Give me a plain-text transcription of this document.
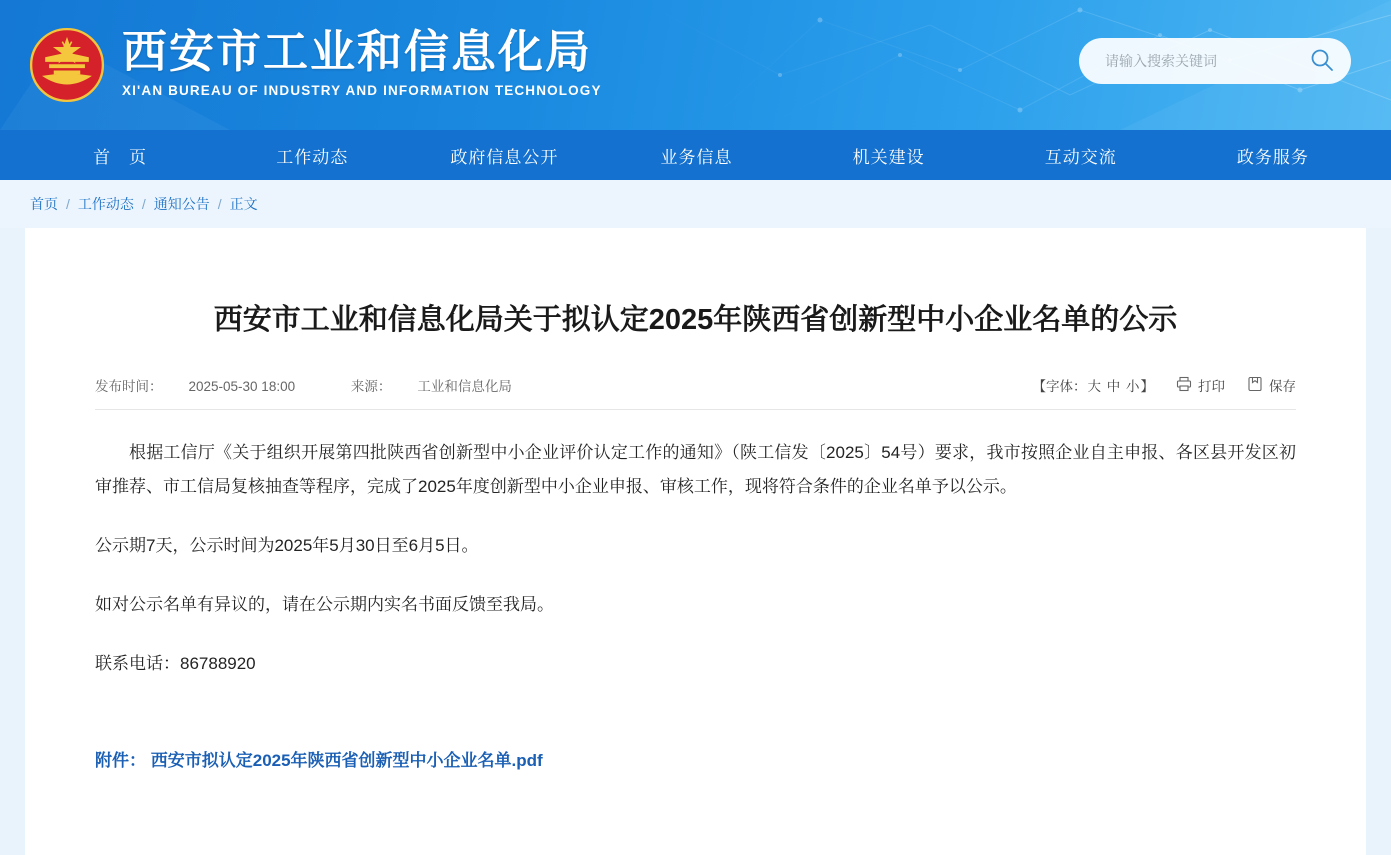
西安市工业和信息化局
XI'AN BUREAU OF INDUSTRY AND INFORMATION TECHNOLOGY
请输入搜索关键词
首　页	工作动态	政府信息公开	业务信息	机关建设	互动交流	政务服务
首页 / 工作动态 / 通知公告 / 正文
西安市工业和信息化局关于拟认定2025年陕西省创新型中小企业名单的公示
发布时间： 2025-05-30 18:00	来源： 工业和信息化局	【字体：大 中 小】	打印	保存

根据工信厅《关于组织开展第四批陕西省创新型中小企业评价认定工作的通知》（陕工信发〔2025〕54号）要求，我市按照企业自主申报、各区县开发区初审推荐、市工信局复核抽查等程序，完成了2025年度创新型中小企业申报、审核工作，现将符合条件的企业名单予以公示。

公示期7天，公示时间为2025年5月30日至6月5日。

如对公示名单有异议的，请在公示期内实名书面反馈至我局。

联系电话：86788920

附件： 西安市拟认定2025年陕西省创新型中小企业名单.pdf
